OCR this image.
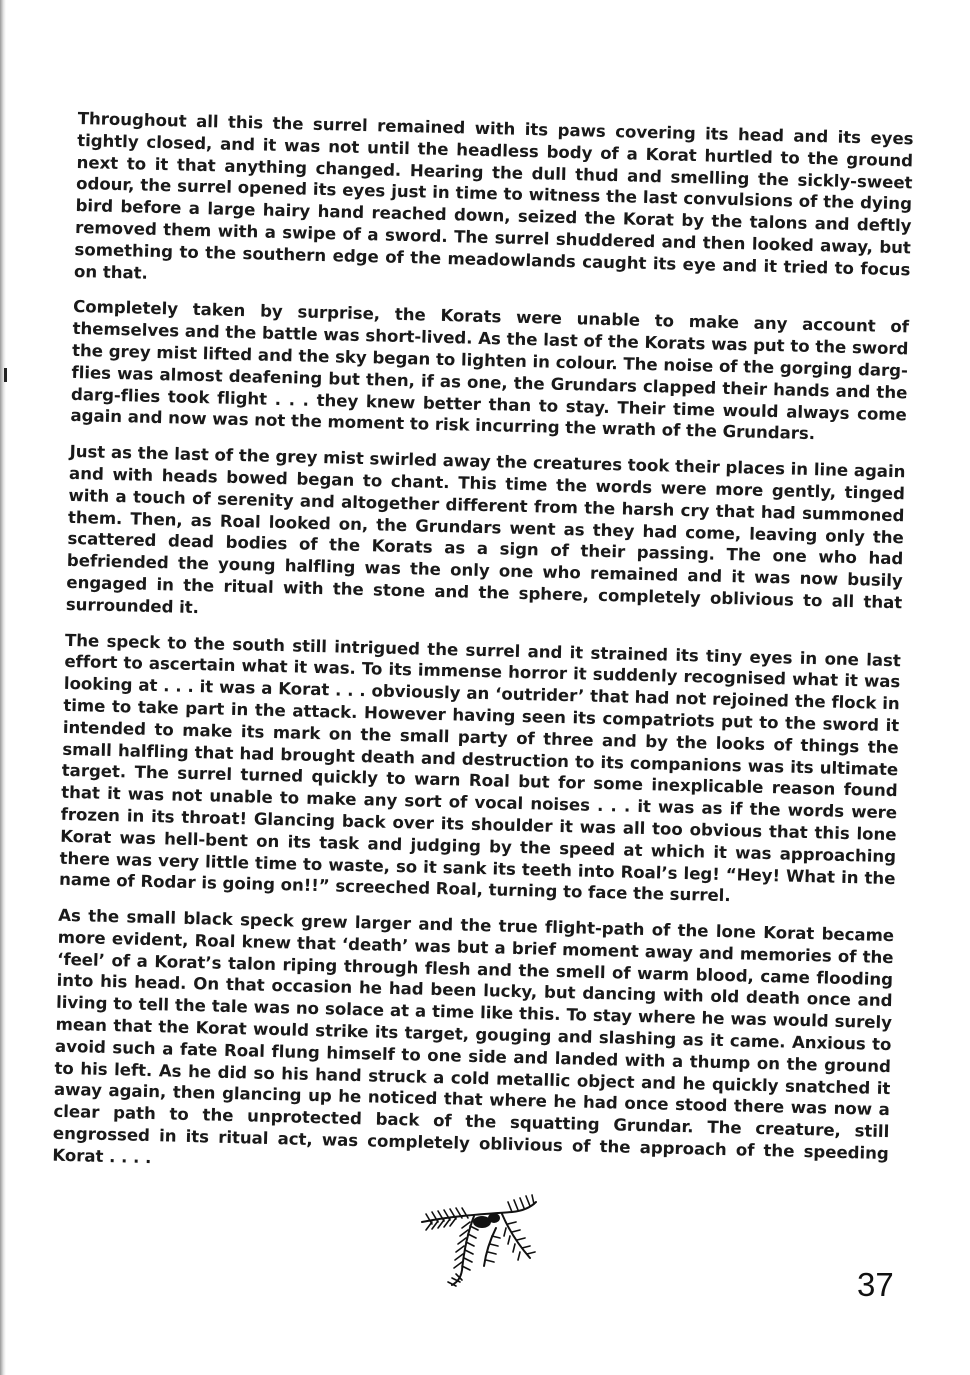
Throughout all this the surrel remained with its paws covering its head and its eyes tightly closed, and it was not until the headless body of a Korat hurtled to the ground next to it that anything changed. Hearing the dull thud and smelling the sickly-sweet odour, the surrel opened its eyes just in time to witness the last convulsions of the dying bird before a large hairy hand reached down, seized the Korat by the talons and deftly removed them with a swipe of a sword. The surrel shuddered and then looked away, but something to the southern edge of the meadowlands caught its eye and it tried to focus on that.

Completely taken by surprise, the Korats were unable to make any account of themselves and the battle was short-lived. As the last of the Korats was put to the sword the grey mist lifted and the sky began to lighten in colour. The noise of the gorging darg-flies was almost deafening but then, if as one, the Grundars clapped their hands and the darg-flies took flight . . . they knew better than to stay. Their time would always come again and now was not the moment to risk incurring the wrath of the Grundars.

Just as the last of the grey mist swirled away the creatures took their places in line again and with heads bowed began to chant. This time the words were more gently, tinged with a touch of serenity and altogether different from the harsh cry that had summoned them. Then, as Roal looked on, the Grundars went as they had come, leaving only the scattered dead bodies of the Korats as a sign of their passing. The one who had befriended the young halfling was the only one who remained and it was now busily engaged in the ritual with the stone and the sphere, completely oblivious to all that surrounded it.

The speck to the south still intrigued the surrel and it strained its tiny eyes in one last effort to ascertain what it was. To its immense horror it suddenly recognised what it was looking at . . . it was a Korat . . . obviously an ‘outrider’ that had not rejoined the flock in time to take part in the attack. However having seen its compatriots put to the sword it intended to make its mark on the small party of three and by the looks of things the small halfling that had brought death and destruction to its companions was its ultimate target. The surrel turned quickly to warn Roal but for some inexplicable reason found that it was not unable to make any sort of vocal noises . . . it was as if the words were frozen in its throat! Glancing back over its shoulder it was all too obvious that this lone Korat was hell-bent on its task and judging by the speed at which it was approaching there was very little time to waste, so it sank its teeth into Roal’s leg! “Hey! What in the name of Rodar is going on!!” screeched Roal, turning to face the surrel.

As the small black speck grew larger and the true flight-path of the lone Korat became more evident, Roal knew that ‘death’ was but a brief moment away and memories of the ‘feel’ of a Korat’s talon riping through flesh and the smell of warm blood, came flooding into his head. On that occasion he had been lucky, but dancing with old death once and living to tell the tale was no solace at a time like this. To stay where he was would surely mean that the Korat would strike its target, gouging and slashing as it came. Anxious to avoid such a fate Roal flung himself to one side and landed with a thump on the ground to his left. As he did so his hand struck a cold metallic object and he quickly snatched it away again, then glancing up he noticed that where he had once stood there was now a clear path to the unprotected back of the squatting Grundar. The creature, still engrossed in its ritual act, was completely oblivious of the approach of the speeding Korat . . . .

37
